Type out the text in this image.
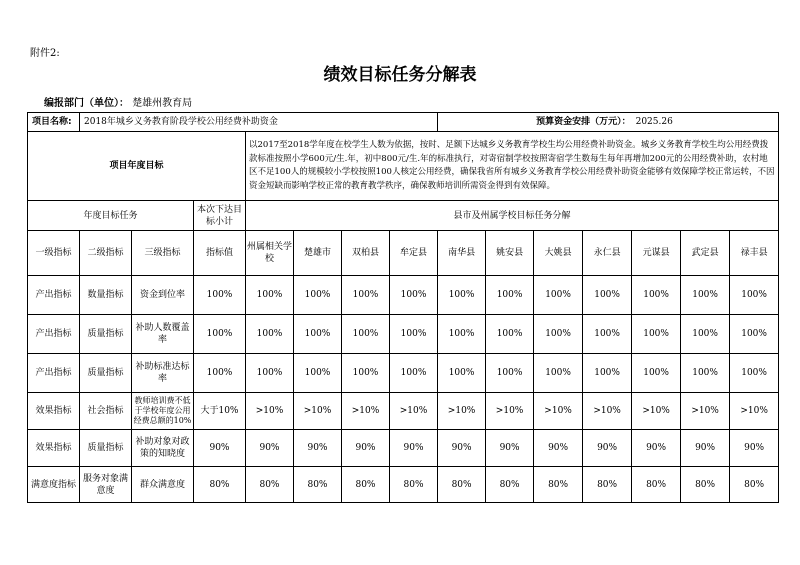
附件2:
绩效目标任务分解表
编报部门（单位）： 楚雄州教育局
项目名称:	2018年城乡义务教育阶段学校公用经费补助资金							预算资金安排（万元）：				2025.26		
项目年度目标				以2017至2018学年度在校学生人数为依据，按时、足额下达城乡义务教育学校生均公用经费补助资金。城乡义务教育学校生均公用经费拨款标准按照小学600元/生.年，初中800元/生.年的标准执行，对寄宿制学校按照寄宿学生数每生每年再增加200元的公用经费补助，农村地区不足100人的规模较小学校按照100人核定公用经费，确保我省所有城乡义务教育学校公用经费补助资金能够有效保障学校正常运转，不因资金短缺而影响学校正常的教育教学秩序，确保教师培训所需资金得到有效保障。										
年度目标任务			本次下达目标小计	县市及州属学校目标任务分解										
一级指标	二级指标	三级指标	指标值	州属相关学校	楚雄市	双柏县	牟定县	南华县	姚安县	大姚县	永仁县	元谋县	武定县	禄丰县
产出指标	数量指标	资金到位率	100%	100%	100%	100%	100%	100%	100%	100%	100%	100%	100%	100%
产出指标	质量指标	补助人数覆盖率	100%	100%	100%	100%	100%	100%	100%	100%	100%	100%	100%	100%
产出指标	质量指标	补助标准达标率	100%	100%	100%	100%	100%	100%	100%	100%	100%	100%	100%	100%
效果指标	社会指标	教师培训费不低于学校年度公用经费总额的10%	大于10%	>10%	>10%	>10%	>10%	>10%	>10%	>10%	>10%	>10%	>10%	>10%
效果指标	质量指标	补助对象对政策的知晓度	90%	90%	90%	90%	90%	90%	90%	90%	90%	90%	90%	90%
满意度指标	服务对象满意度	群众满意度	80%	80%	80%	80%	80%	80%	80%	80%	80%	80%	80%	80%
